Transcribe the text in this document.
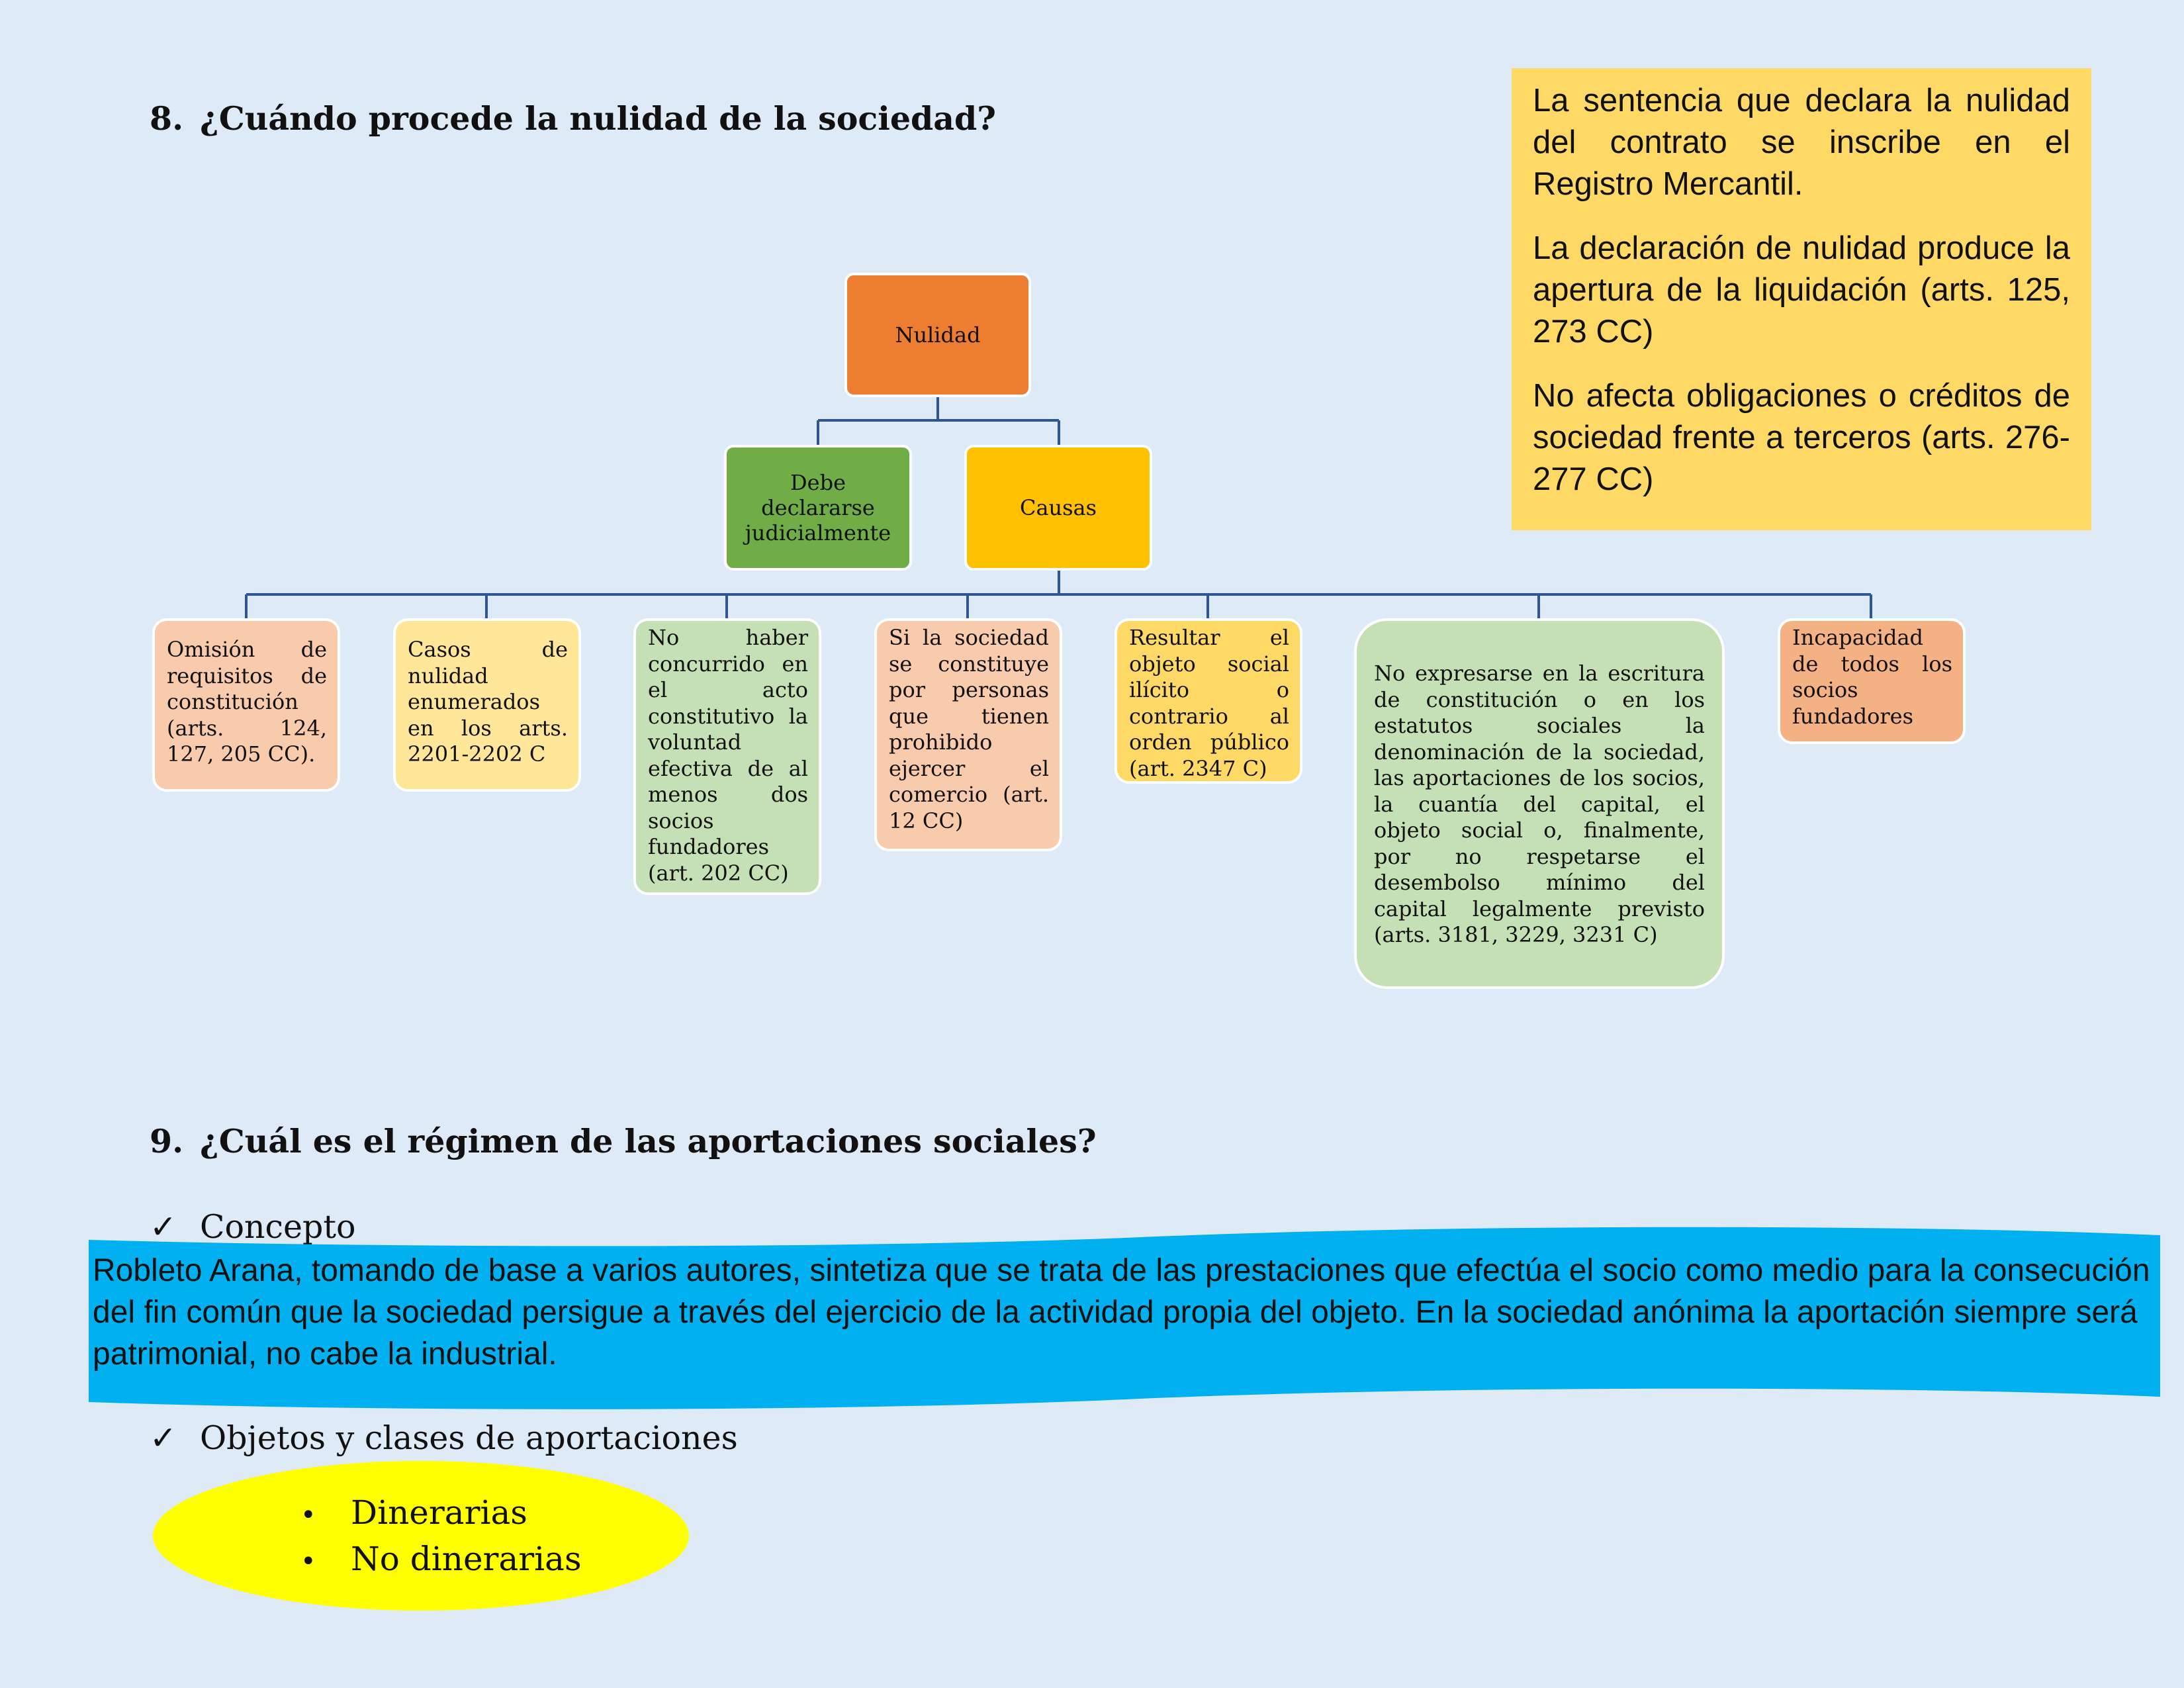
8. ¿Cuándo procede la nulidad de la sociedad?	La sentencia que declara la nulidad del contrato se inscribe en el Registro Mercantil.

La declaración de nulidad produce la apertura de la liquidación (arts. 125, 273 CC)

No afecta obligaciones o créditos de sociedad frente a terceros (arts. 276-277 CC)

Nulidad
Debe declararse judicialmente
Causas
Omisión de requisitos de constitución (arts. 124, 127, 205 CC).
Casos de nulidad enumerados en los arts. 2201-2202 C
No haber concurrido en el acto constitutivo la voluntad efectiva de al menos dos socios fundadores (art. 202 CC)
Si la sociedad se constituye por personas que tienen prohibido ejercer el comercio (art. 12 CC)
Resultar el objeto social ilícito o contrario al orden público (art. 2347 C)
No expresarse en la escritura de constitución o en los estatutos sociales la denominación de la sociedad, las aportaciones de los socios, la cuantía del capital, el objeto social o, finalmente, por no respetarse el desembolso mínimo del capital legalmente previsto (arts. 3181, 3229, 3231 C)
Incapacidad de todos los socios fundadores
9. ¿Cuál es el régimen de las aportaciones sociales?
✓ Concepto
Robleto Arana, tomando de base a varios autores, sintetiza que se trata de las prestaciones que efectúa el socio como medio para la consecución del fin común que la sociedad persigue a través del ejercicio de la actividad propia del objeto. En la sociedad anónima la aportación siempre será patrimonial, no cabe la industrial.
✓ Objetos y clases de aportaciones
• Dinerarias
• No dinerarias
